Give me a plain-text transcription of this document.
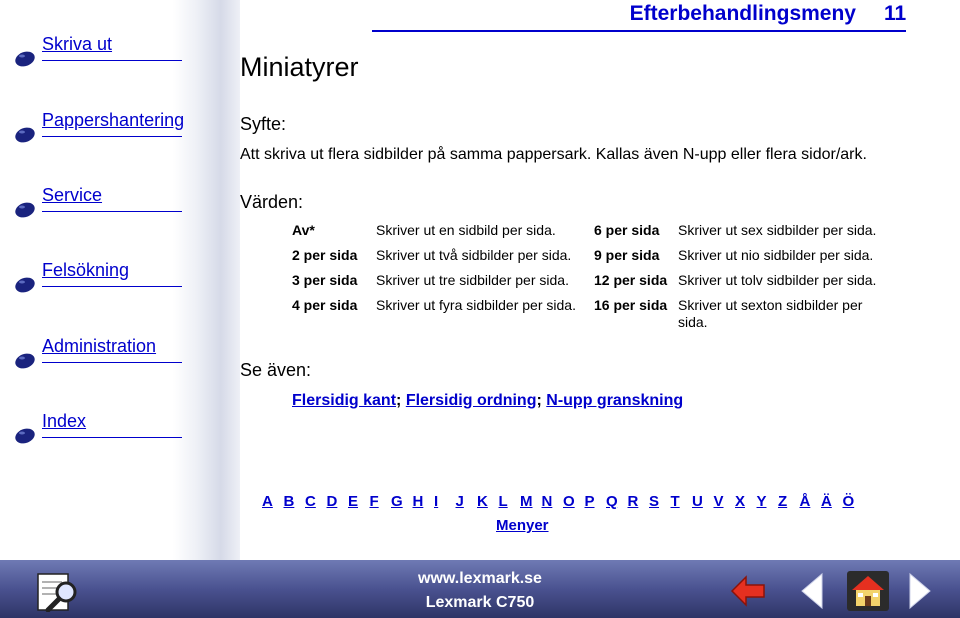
Skriva ut
Pappershantering
Service
Felsökning
Administration
Index
Efterbehandlingsmeny 11
Miniatyrer
Syfte:
Att skriva ut flera sidbilder på samma pappersark. Kallas även N-upp eller flera sidor/ark.
Värden:
Av*	Skriver ut en sidbild per sida.	6 per sida Skriver ut sex sidbilder per sida.
2 per sida Skriver ut två sidbilder per sida. 9 per sida Skriver ut nio sidbilder per sida.
3 per sida Skriver ut tre sidbilder per sida. 12 per sida Skriver ut tolv sidbilder per sida.
4 per sida Skriver ut fyra sidbilder per sida. 16 per sida Skriver ut sexton sidbilder per sida.
Se även:
Flersidig kant; Flersidig ordning; N-upp granskning
A B C D E F G H I J K L M N O P Q R S T U V X Y Z Å Ä Ö
Menyer
www.lexmark.se
Lexmark C750
